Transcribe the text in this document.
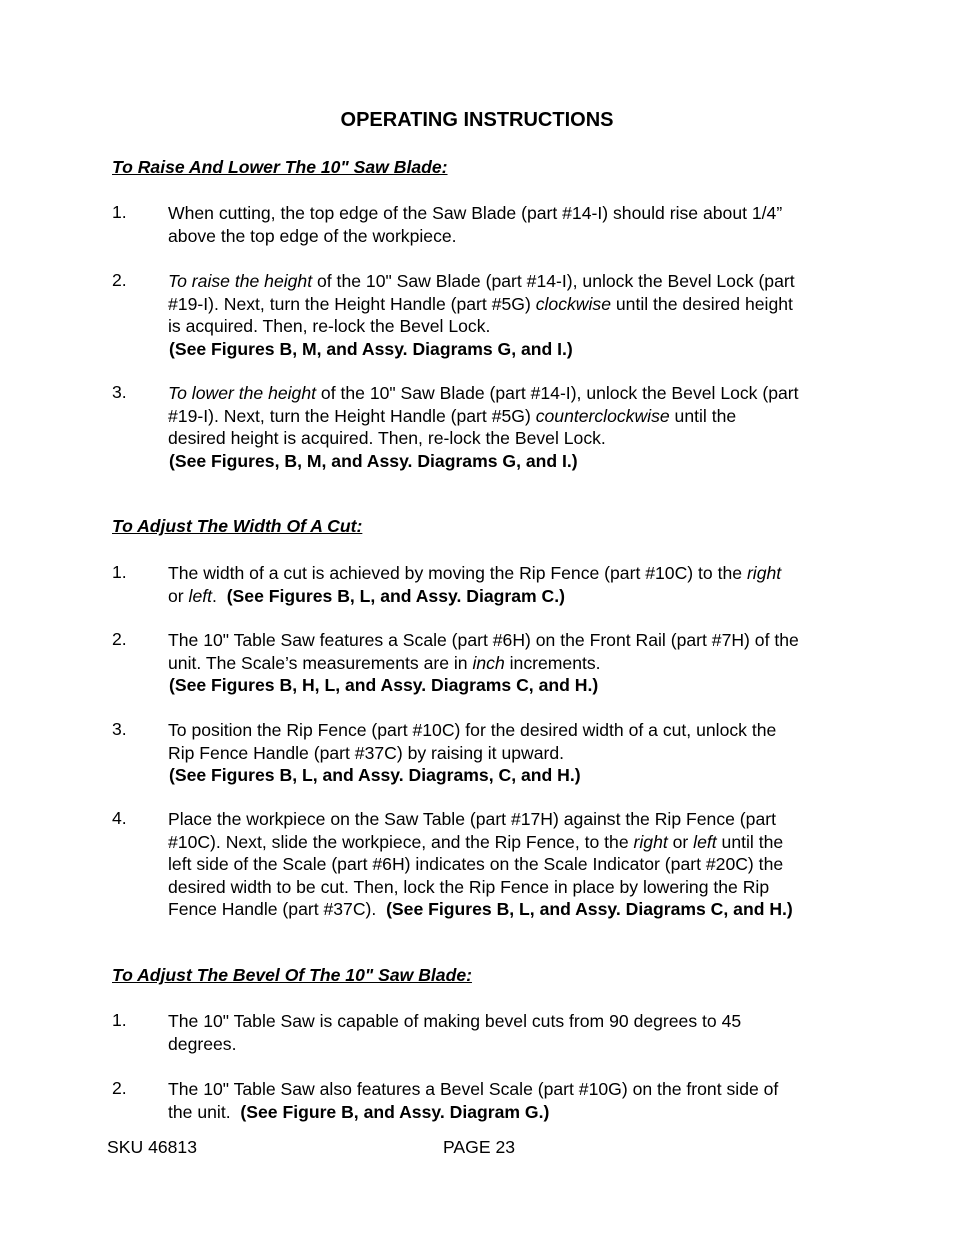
OPERATING INSTRUCTIONS
To Raise And Lower The 10" Saw Blade:
1. When cutting, the top edge of the Saw Blade (part #14-I) should rise about 1/4”
above the top edge of the workpiece.
2. To raise the height of the 10" Saw Blade (part #14-I), unlock the Bevel Lock (part
#19-I). Next, turn the Height Handle (part #5G) clockwise until the desired height
is acquired. Then, re-lock the Bevel Lock.
(See Figures B, M, and Assy. Diagrams G, and I.)
3. To lower the height of the 10" Saw Blade (part #14-I), unlock the Bevel Lock (part
#19-I). Next, turn the Height Handle (part #5G) counterclockwise until the
desired height is acquired. Then, re-lock the Bevel Lock.
(See Figures, B, M, and Assy. Diagrams G, and I.)
To Adjust The Width Of A Cut:
1. The width of a cut is achieved by moving the Rip Fence (part #10C) to the right
or left.  (See Figures B, L, and Assy. Diagram C.)
2. The 10" Table Saw features a Scale (part #6H) on the Front Rail (part #7H) of the
unit. The Scale’s measurements are in inch increments.
(See Figures B, H, L, and Assy. Diagrams C, and H.)
3. To position the Rip Fence (part #10C) for the desired width of a cut, unlock the
Rip Fence Handle (part #37C) by raising it upward.
(See Figures B, L, and Assy. Diagrams, C, and H.)
4. Place the workpiece on the Saw Table (part #17H) against the Rip Fence (part
#10C). Next, slide the workpiece, and the Rip Fence, to the right or left until the
left side of the Scale (part #6H) indicates on the Scale Indicator (part #20C) the
desired width to be cut. Then, lock the Rip Fence in place by lowering the Rip
Fence Handle (part #37C).  (See Figures B, L, and Assy. Diagrams C, and H.)
To Adjust The Bevel Of The 10" Saw Blade:
1. The 10" Table Saw is capable of making bevel cuts from 90 degrees to 45
degrees.
2. The 10" Table Saw also features a Bevel Scale (part #10G) on the front side of
the unit.  (See Figure B, and Assy. Diagram G.)
SKU 46813	PAGE 23
